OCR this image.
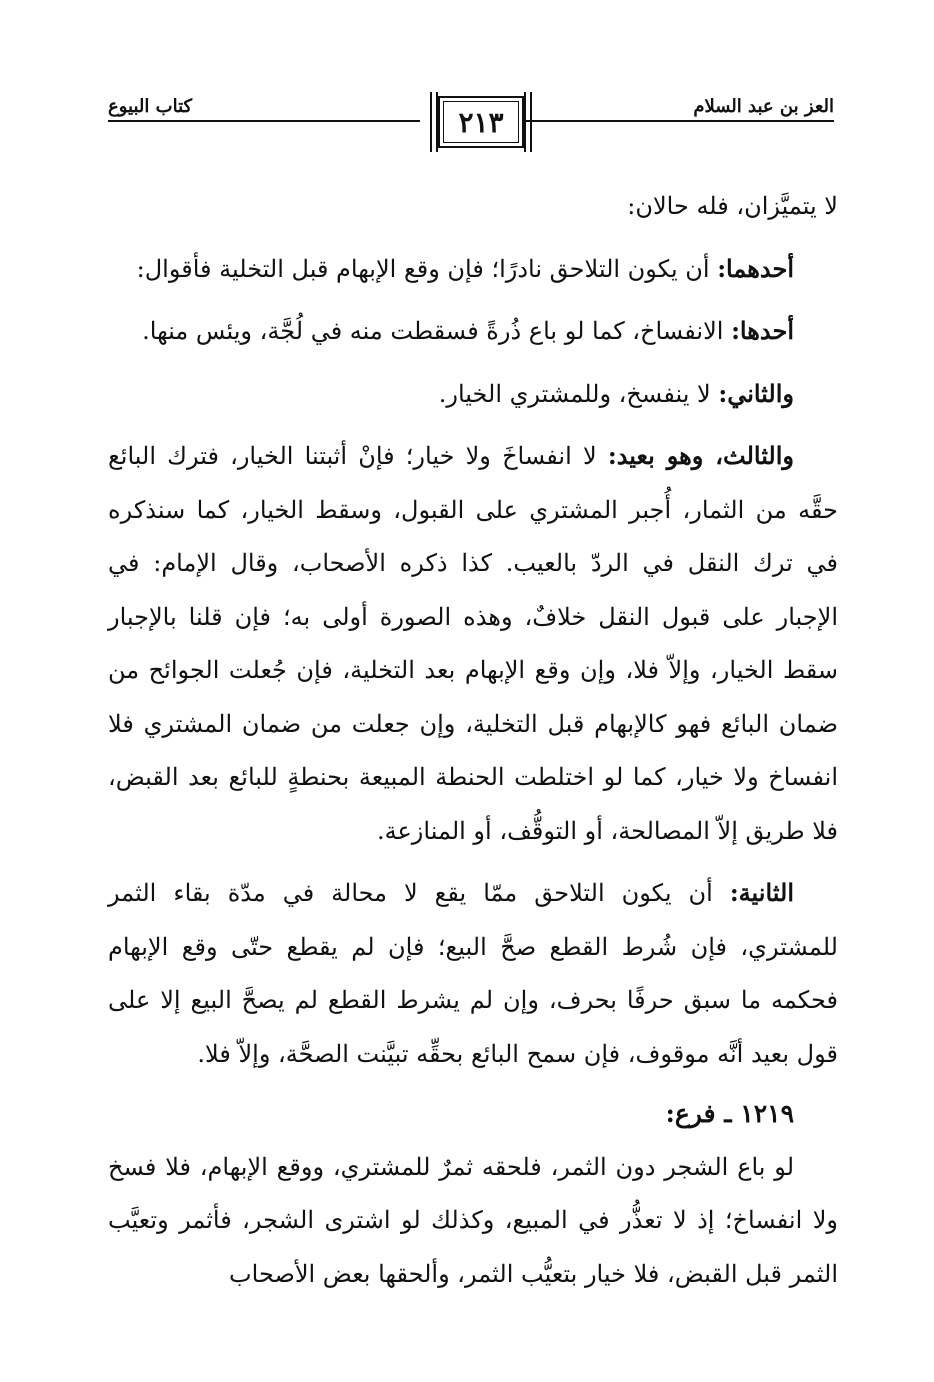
العز بن عبد السلام
كتاب البيوع	٢١٣

لا يتميَّزان، فله حالان:

أحدهما: أن يكون التلاحق نادرًا؛ فإن وقع الإبهام قبل التخلية فأقوال:

أحدها: الانفساخ، كما لو باع ذُرةً فسقطت منه في لُجَّة، ويئس منها.

والثاني: لا ينفسخ، وللمشتري الخيار.

والثالث، وهو بعيد: لا انفساخَ ولا خيار؛ فإنْ أثبتنا الخيار، فترك البائع حقَّه من الثمار، أُجبر المشتري على القبول، وسقط الخيار، كما سنذكره في ترك النقل في الردّ بالعيب. كذا ذكره الأصحاب، وقال الإمام: في الإجبار على قبول النقل خلافٌ، وهذه الصورة أولى به؛ فإن قلنا بالإجبار سقط الخيار، وإلاّ فلا، وإن وقع الإبهام بعد التخلية، فإن جُعلت الجوائح من ضمان البائع فهو كالإبهام قبل التخلية، وإن جعلت من ضمان المشتري فلا انفساخ ولا خيار، كما لو اختلطت الحنطة المبيعة بحنطةٍ للبائع بعد القبض، فلا طريق إلاّ المصالحة، أو التوقُّف، أو المنازعة.

الثانية: أن يكون التلاحق ممّا يقع لا محالة في مدّة بقاء الثمر للمشتري، فإن شُرط القطع صحَّ البيع؛ فإن لم يقطع حتّى وقع الإبهام فحكمه ما سبق حرفًا بحرف، وإن لم يشرط القطع لم يصحَّ البيع إلا على قول بعيد أنَّه موقوف، فإن سمح البائع بحقِّه تبيَّنت الصحَّة، وإلاّ فلا.

١٢١٩ ـ فرع:

لو باع الشجر دون الثمر، فلحقه ثمرٌ للمشتري، ووقع الإبهام، فلا فسخ ولا انفساخ؛ إذ لا تعذُّر في المبيع، وكذلك لو اشترى الشجر، فأثمر وتعيَّب الثمر قبل القبض، فلا خيار بتعيُّب الثمر، وألحقها بعض الأصحاب
